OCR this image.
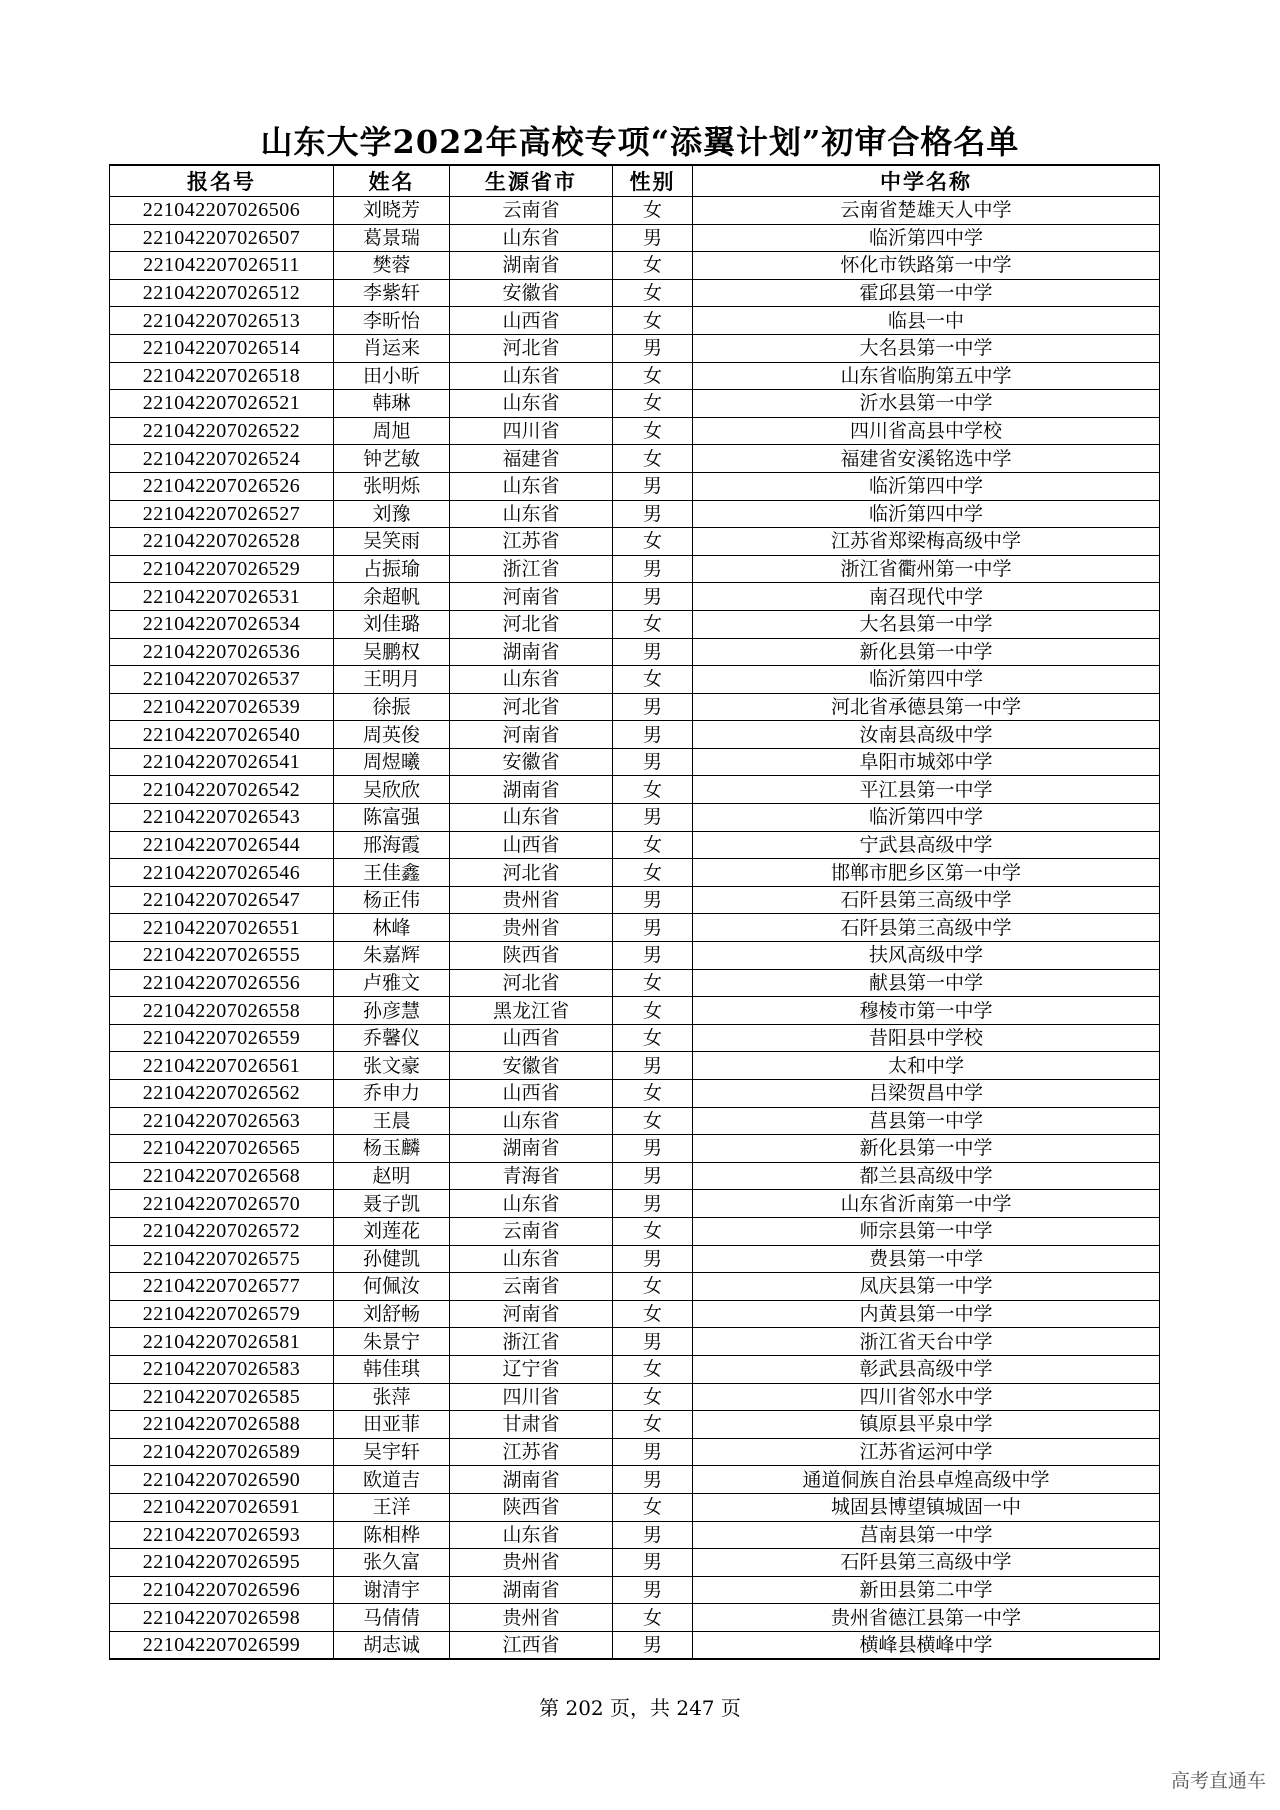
山东大学2022年高校专项“添翼计划”初审合格名单
报名号	姓名	生源省市	性别	中学名称
221042207026506	刘晓芳	云南省	女	云南省楚雄天人中学
221042207026507	葛景瑞	山东省	男	临沂第四中学
221042207026511	樊蓉	湖南省	女	怀化市铁路第一中学
221042207026512	李紫轩	安徽省	女	霍邱县第一中学
221042207026513	李昕怡	山西省	女	临县一中
221042207026514	肖运来	河北省	男	大名县第一中学
221042207026518	田小昕	山东省	女	山东省临朐第五中学
221042207026521	韩琳	山东省	女	沂水县第一中学
221042207026522	周旭	四川省	女	四川省高县中学校
221042207026524	钟艺敏	福建省	女	福建省安溪铭选中学
221042207026526	张明烁	山东省	男	临沂第四中学
221042207026527	刘豫	山东省	男	临沂第四中学
221042207026528	吴笑雨	江苏省	女	江苏省郑梁梅高级中学
221042207026529	占振瑜	浙江省	男	浙江省衢州第一中学
221042207026531	余超帆	河南省	男	南召现代中学
221042207026534	刘佳璐	河北省	女	大名县第一中学
221042207026536	吴鹏权	湖南省	男	新化县第一中学
221042207026537	王明月	山东省	女	临沂第四中学
221042207026539	徐振	河北省	男	河北省承德县第一中学
221042207026540	周英俊	河南省	男	汝南县高级中学
221042207026541	周煜曦	安徽省	男	阜阳市城郊中学
221042207026542	吴欣欣	湖南省	女	平江县第一中学
221042207026543	陈富强	山东省	男	临沂第四中学
221042207026544	邢海霞	山西省	女	宁武县高级中学
221042207026546	王佳鑫	河北省	女	邯郸市肥乡区第一中学
221042207026547	杨正伟	贵州省	男	石阡县第三高级中学
221042207026551	林峰	贵州省	男	石阡县第三高级中学
221042207026555	朱嘉辉	陕西省	男	扶风高级中学
221042207026556	卢雅文	河北省	女	献县第一中学
221042207026558	孙彦慧	黑龙江省	女	穆棱市第一中学
221042207026559	乔馨仪	山西省	女	昔阳县中学校
221042207026561	张文豪	安徽省	男	太和中学
221042207026562	乔申力	山西省	女	吕梁贺昌中学
221042207026563	王晨	山东省	女	莒县第一中学
221042207026565	杨玉麟	湖南省	男	新化县第一中学
221042207026568	赵明	青海省	男	都兰县高级中学
221042207026570	聂子凯	山东省	男	山东省沂南第一中学
221042207026572	刘莲花	云南省	女	师宗县第一中学
221042207026575	孙健凯	山东省	男	费县第一中学
221042207026577	何佩汝	云南省	女	凤庆县第一中学
221042207026579	刘舒畅	河南省	女	内黄县第一中学
221042207026581	朱景宁	浙江省	男	浙江省天台中学
221042207026583	韩佳琪	辽宁省	女	彰武县高级中学
221042207026585	张萍	四川省	女	四川省邻水中学
221042207026588	田亚菲	甘肃省	女	镇原县平泉中学
221042207026589	吴宇轩	江苏省	男	江苏省运河中学
221042207026590	欧道吉	湖南省	男	通道侗族自治县卓煌高级中学
221042207026591	王洋	陕西省	女	城固县博望镇城固一中
221042207026593	陈相桦	山东省	男	莒南县第一中学
221042207026595	张久富	贵州省	男	石阡县第三高级中学
221042207026596	谢清宇	湖南省	男	新田县第二中学
221042207026598	马倩倩	贵州省	女	贵州省德江县第一中学
221042207026599	胡志诚	江西省	男	横峰县横峰中学
第 202 页，共 247 页
高考直通车
